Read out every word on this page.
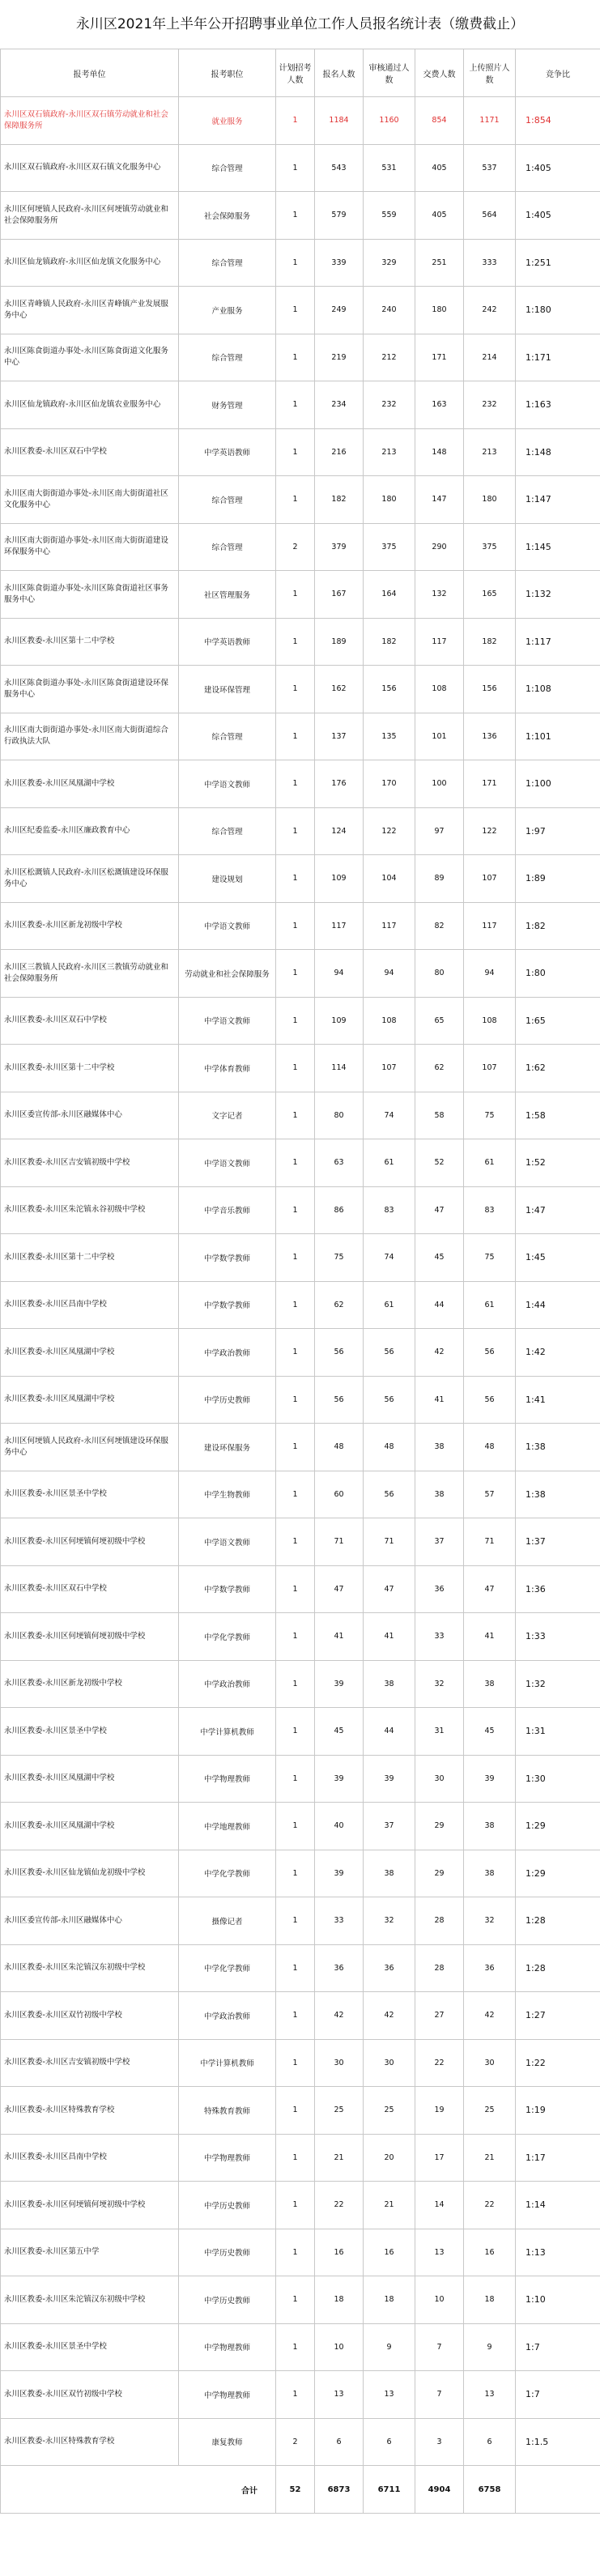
永川区2021年上半年公开招聘事业单位工作人员报名统计表（缴费截止）
报考单位	报考职位	计划招考人数	报名人数	审核通过人数	交费人数	上传照片人数	竞争比
永川区双石镇政府-永川区双石镇劳动就业和社会保障服务所	就业服务	1	1184	1160	854	1171	1:854
永川区双石镇政府-永川区双石镇文化服务中心	综合管理	1	543	531	405	537	1:405
永川区何埂镇人民政府-永川区何埂镇劳动就业和社会保障服务所	社会保障服务	1	579	559	405	564	1:405
永川区仙龙镇政府-永川区仙龙镇文化服务中心	综合管理	1	339	329	251	333	1:251
永川区青峰镇人民政府-永川区青峰镇产业发展服务中心	产业服务	1	249	240	180	242	1:180
永川区陈食街道办事处-永川区陈食街道文化服务中心	综合管理	1	219	212	171	214	1:171
永川区仙龙镇政府-永川区仙龙镇农业服务中心	财务管理	1	234	232	163	232	1:163
永川区教委-永川区双石中学校	中学英语教师	1	216	213	148	213	1:148
永川区南大街街道办事处-永川区南大街街道社区文化服务中心	综合管理	1	182	180	147	180	1:147
永川区南大街街道办事处-永川区南大街街道建设环保服务中心	综合管理	2	379	375	290	375	1:145
永川区陈食街道办事处-永川区陈食街道社区事务服务中心	社区管理服务	1	167	164	132	165	1:132
永川区教委-永川区第十二中学校	中学英语教师	1	189	182	117	182	1:117
永川区陈食街道办事处-永川区陈食街道建设环保服务中心	建设环保管理	1	162	156	108	156	1:108
永川区南大街街道办事处-永川区南大街街道综合行政执法大队	综合管理	1	137	135	101	136	1:101
永川区教委-永川区凤凰湖中学校	中学语文教师	1	176	170	100	171	1:100
永川区纪委监委-永川区廉政教育中心	综合管理	1	124	122	97	122	1:97
永川区松溉镇人民政府-永川区松溉镇建设环保服务中心	建设规划	1	109	104	89	107	1:89
永川区教委-永川区新龙初级中学校	中学语文教师	1	117	117	82	117	1:82
永川区三教镇人民政府-永川区三教镇劳动就业和社会保障服务所	劳动就业和社会保障服务	1	94	94	80	94	1:80
永川区教委-永川区双石中学校	中学语文教师	1	109	108	65	108	1:65
永川区教委-永川区第十二中学校	中学体育教师	1	114	107	62	107	1:62
永川区委宣传部-永川区融媒体中心	文字记者	1	80	74	58	75	1:58
永川区教委-永川区吉安镇初级中学校	中学语文教师	1	63	61	52	61	1:52
永川区教委-永川区朱沱镇永谷初级中学校	中学音乐教师	1	86	83	47	83	1:47
永川区教委-永川区第十二中学校	中学数学教师	1	75	74	45	75	1:45
永川区教委-永川区昌南中学校	中学数学教师	1	62	61	44	61	1:44
永川区教委-永川区凤凰湖中学校	中学政治教师	1	56	56	42	56	1:42
永川区教委-永川区凤凰湖中学校	中学历史教师	1	56	56	41	56	1:41
永川区何埂镇人民政府-永川区何埂镇建设环保服务中心	建设环保服务	1	48	48	38	48	1:38
永川区教委-永川区景圣中学校	中学生物教师	1	60	56	38	57	1:38
永川区教委-永川区何埂镇何埂初级中学校	中学语文教师	1	71	71	37	71	1:37
永川区教委-永川区双石中学校	中学数学教师	1	47	47	36	47	1:36
永川区教委-永川区何埂镇何埂初级中学校	中学化学教师	1	41	41	33	41	1:33
永川区教委-永川区新龙初级中学校	中学政治教师	1	39	38	32	38	1:32
永川区教委-永川区景圣中学校	中学计算机教师	1	45	44	31	45	1:31
永川区教委-永川区凤凰湖中学校	中学物理教师	1	39	39	30	39	1:30
永川区教委-永川区凤凰湖中学校	中学地理教师	1	40	37	29	38	1:29
永川区教委-永川区仙龙镇仙龙初级中学校	中学化学教师	1	39	38	29	38	1:29
永川区委宣传部-永川区融媒体中心	摄像记者	1	33	32	28	32	1:28
永川区教委-永川区朱沱镇汉东初级中学校	中学化学教师	1	36	36	28	36	1:28
永川区教委-永川区双竹初级中学校	中学政治教师	1	42	42	27	42	1:27
永川区教委-永川区吉安镇初级中学校	中学计算机教师	1	30	30	22	30	1:22
永川区教委-永川区特殊教育学校	特殊教育教师	1	25	25	19	25	1:19
永川区教委-永川区昌南中学校	中学物理教师	1	21	20	17	21	1:17
永川区教委-永川区何埂镇何埂初级中学校	中学历史教师	1	22	21	14	22	1:14
永川区教委-永川区第五中学	中学历史教师	1	16	16	13	16	1:13
永川区教委-永川区朱沱镇汉东初级中学校	中学历史教师	1	18	18	10	18	1:10
永川区教委-永川区景圣中学校	中学物理教师	1	10	9	7	9	1:7
永川区教委-永川区双竹初级中学校	中学物理教师	1	13	13	7	13	1:7
永川区教委-永川区特殊教育学校	康复教师	2	6	6	3	6	1:1.5
合计		52	6873	6711	4904	6758	
